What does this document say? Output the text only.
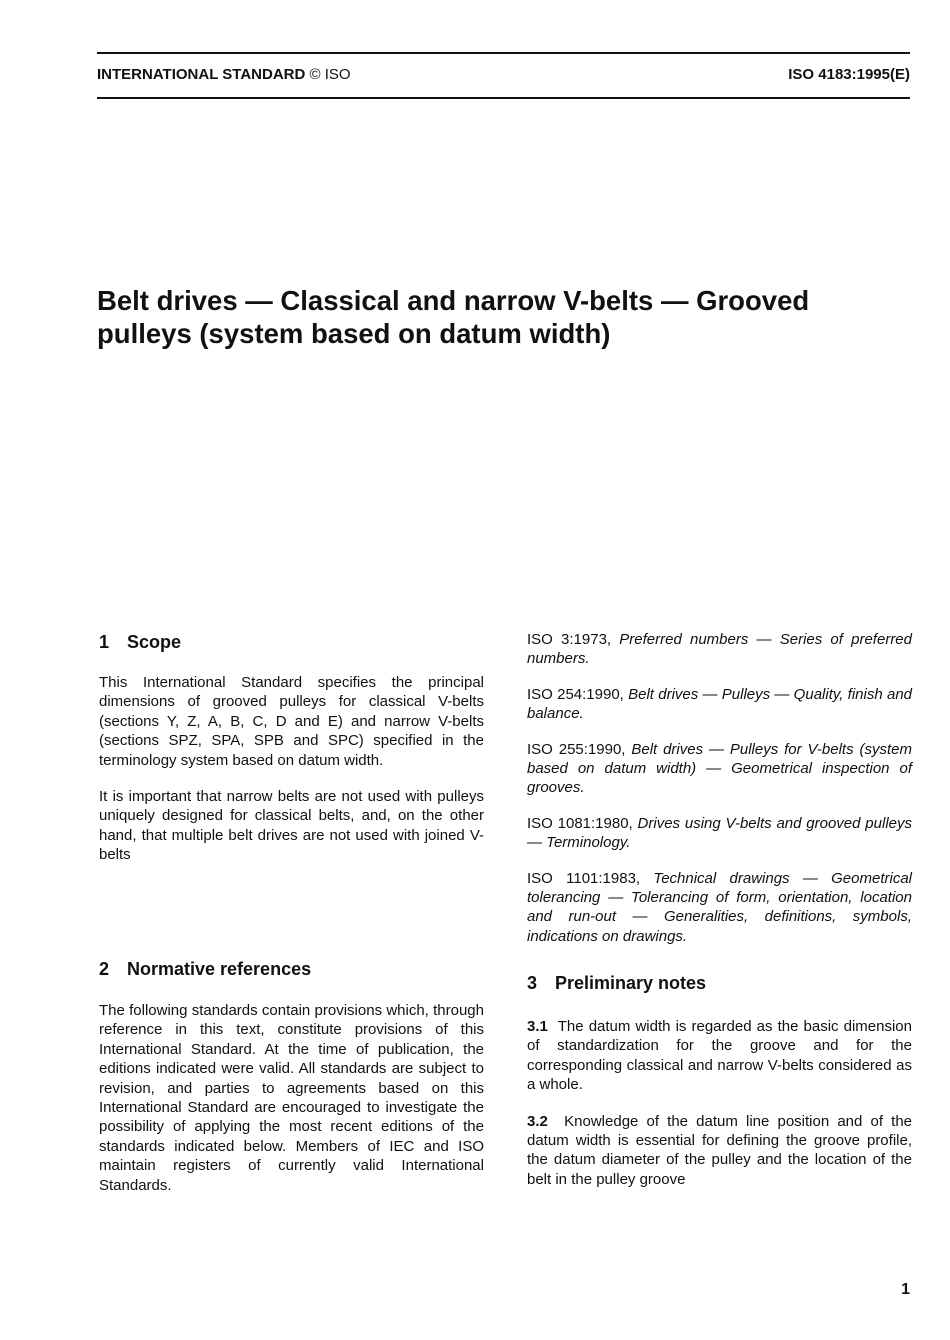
INTERNATIONAL STANDARD © ISO	ISO 4183:1995(E)
Belt drives — Classical and narrow V-belts — Grooved
pulleys (system based on datum width)
1 Scope

This International Standard specifies the principal dimensions of grooved pulleys for classical V-belts (sections Y, Z, A, B, C, D and E) and narrow V-belts (sections SPZ, SPA, SPB and SPC) specified in the terminology system based on datum width.

It is important that narrow belts are not used with pulleys uniquely designed for classical belts, and, on the other hand, that multiple belt drives are not used with joined V-belts

2 Normative references

The following standards contain provisions which, through reference in this text, constitute provisions of this International Standard. At the time of publication, the editions indicated were valid. All standards are subject to revision, and parties to agreements based on this International Standard are encouraged to investigate the possibility of applying the most recent editions of the standards indicated below. Members of IEC and ISO maintain registers of currently valid International Standards.

ISO 3:1973, Preferred numbers — Series of preferred numbers.

ISO 254:1990, Belt drives — Pulleys — Quality, finish and balance.

ISO 255:1990, Belt drives — Pulleys for V-belts (system based on datum width) — Geometrical inspection of grooves.

ISO 1081:1980, Drives using V-belts and grooved pulleys — Terminology.

ISO 1101:1983, Technical drawings — Geometrical tolerancing — Tolerancing of form, orientation, location and run-out — Generalities, definitions, symbols, indications on drawings.

3 Preliminary notes

3.1 The datum width is regarded as the basic dimension of standardization for the groove and for the corresponding classical and narrow V-belts considered as a whole.

3.2 Knowledge of the datum line position and of the datum width is essential for defining the groove profile, the datum diameter of the pulley and the location of the belt in the pulley groove

1
